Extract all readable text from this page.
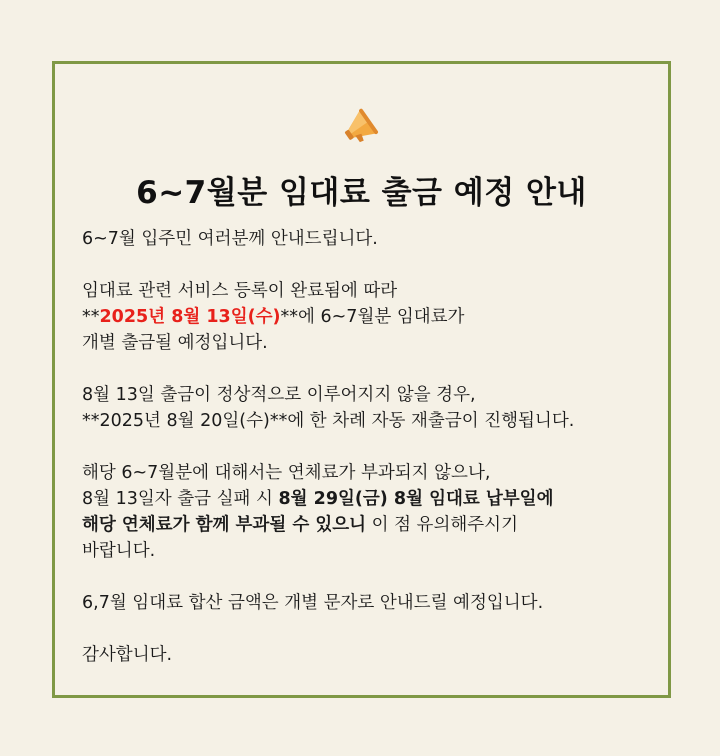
6~7월분 임대료 출금 예정 안내
6~7월 입주민 여러분께 안내드립니다.
임대료 관련 서비스 등록이 완료됨에 따라
**2025년 8월 13일(수)**에 6~7월분 임대료가
개별 출금될 예정입니다.
8월 13일 출금이 정상적으로 이루어지지 않을 경우,
**2025년 8월 20일(수)**에 한 차례 자동 재출금이 진행됩니다.
해당 6~7월분에 대해서는 연체료가 부과되지 않으나,
8월 13일자 출금 실패 시 8월 29일(금) 8월 임대료 납부일에
해당 연체료가 함께 부과될 수 있으니 이 점 유의해주시기
바랍니다.
6,7월 임대료 합산 금액은 개별 문자로 안내드릴 예정입니다.
감사합니다.
